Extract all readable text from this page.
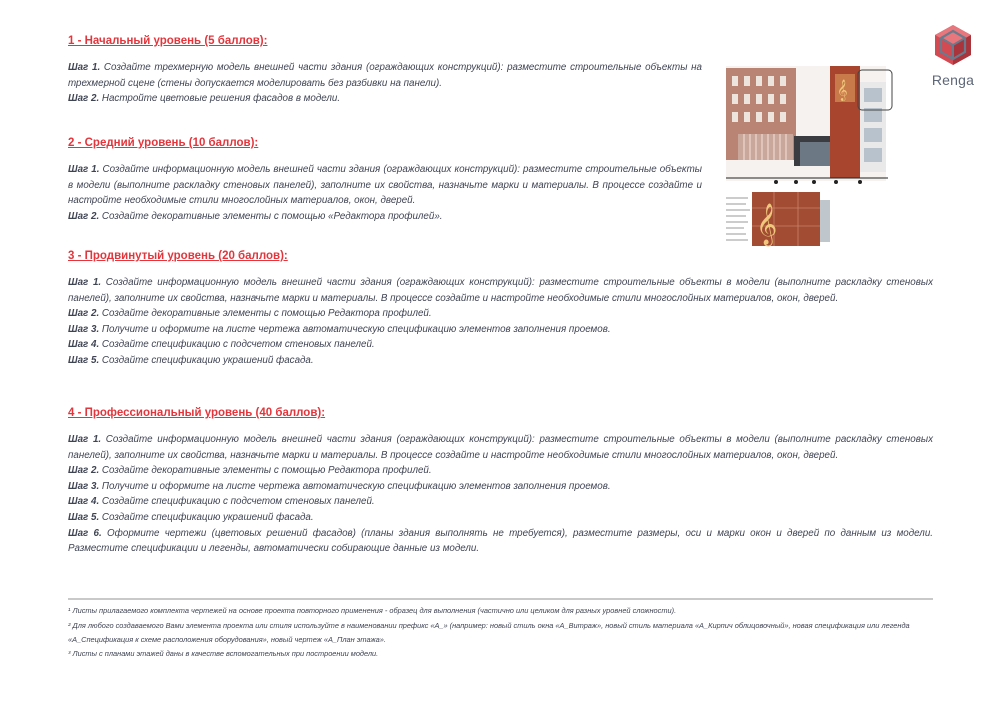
Renga
𝄞
𝄞
1 - Начальный уровень (5 баллов):

Шаг 1. Создайте трехмерную модель внешней части здания (ограждающих конструкций): разместите строительные объекты на трехмерной сцене (стены допускается моделировать без разбивки на панели).

Шаг 2. Настройте цветовые решения фасадов в модели.

2 - Средний уровень (10 баллов):

Шаг 1. Создайте информационную модель внешней части здания (ограждающих конструкций): разместите строительные объекты в модели (выполните раскладку стеновых панелей), заполните их свойства, назначьте марки и материалы. В процессе создайте и настройте необходимые стили многослойных материалов, окон, дверей.

Шаг 2. Создайте декоративные элементы с помощью «Редактора профилей».

3 - Продвинутый уровень (20 баллов):

Шаг 1. Создайте информационную модель внешней части здания (ограждающих конструкций): разместите строительные объекты в модели (выполните раскладку стеновых панелей), заполните их свойства, назначьте марки и материалы. В процессе создайте и настройте необходимые стили многослойных материалов, окон, дверей.

Шаг 2. Создайте декоративные элементы с помощью Редактора профилей.

Шаг 3. Получите и оформите на листе чертежа автоматическую спецификацию элементов заполнения проемов.

Шаг 4. Создайте спецификацию с подсчетом стеновых панелей.

Шаг 5. Создайте спецификацию украшений фасада.

4 - Профессиональный уровень (40 баллов):

Шаг 1. Создайте информационную модель внешней части здания (ограждающих конструкций): разместите строительные объекты в модели (выполните раскладку стеновых панелей), заполните их свойства, назначьте марки и материалы. В процессе создайте и настройте необходимые стили многослойных материалов, окон, дверей.

Шаг 2. Создайте декоративные элементы с помощью Редактора профилей.

Шаг 3. Получите и оформите на листе чертежа автоматическую спецификацию элементов заполнения проемов.

Шаг 4. Создайте спецификацию с подсчетом стеновых панелей.

Шаг 5. Создайте спецификацию украшений фасада.

Шаг 6. Оформите чертежи (цветовых решений фасадов) (планы здания выполнять не требуется), разместите размеры, оси и марки окон и дверей по данным из модели. Разместите спецификации и легенды, автоматически собирающие данные из модели.

¹ Листы прилагаемого комплекта чертежей на основе проекта повторного применения - образец для выполнения (частично или целиком для разных уровней сложности).

² Для любого создаваемого Вами элемента проекта или стиля используйте в наименовании префикс «А_» (например: новый стиль окна «А_Витраж», новый стиль материала «А_Кирпич облицовочный», новая спецификация или легенда «А_Спецификация к схеме расположения оборудования», новый чертеж «А_План этажа».

³ Листы с планами этажей даны в качестве вспомогательных при построении модели.
